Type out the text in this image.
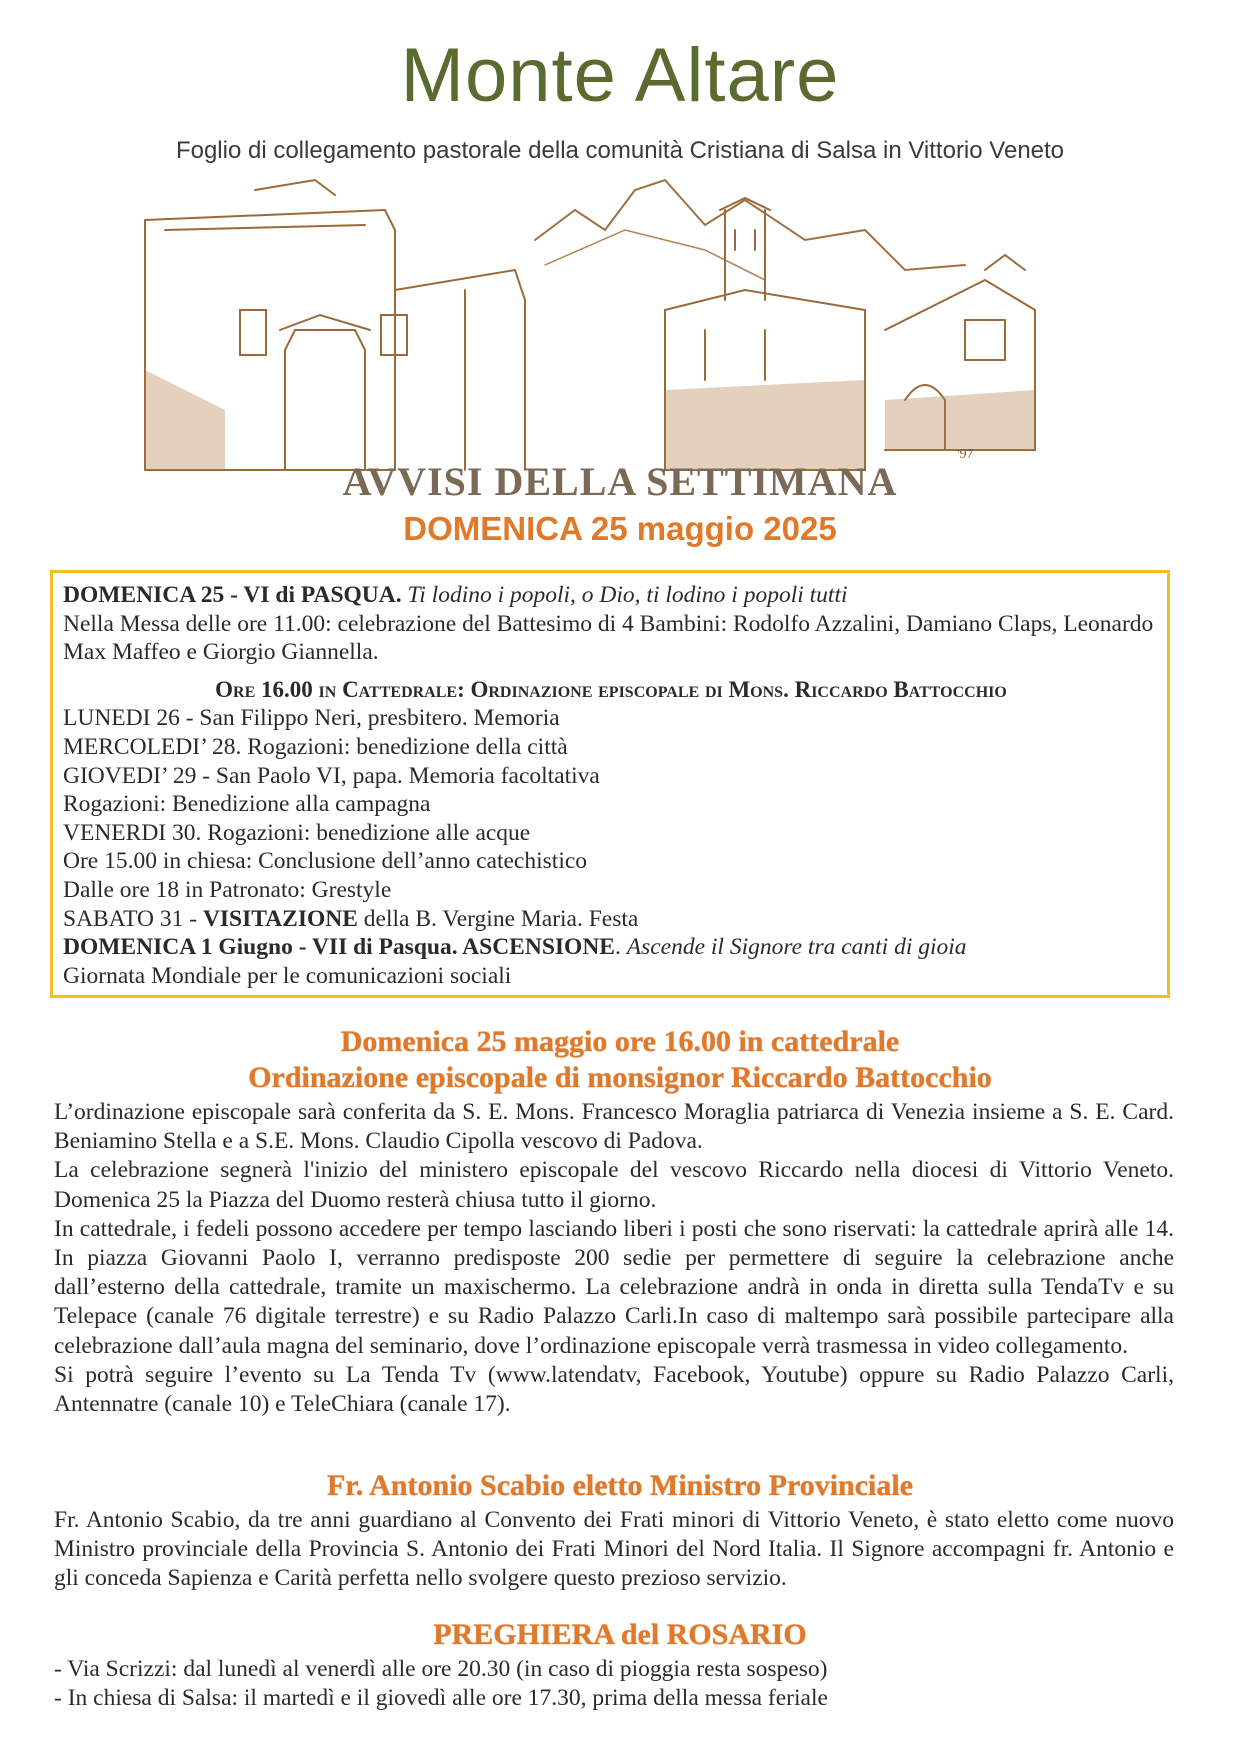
Monte Altare
Foglio di collegamento pastorale della comunità Cristiana di Salsa in Vittorio Veneto
'97
AVVISI DELLA SETTIMANA
DOMENICA 25 maggio 2025

DOMENICA 25 - VI di PASQUA. Ti lodino i popoli, o Dio, ti lodino i popoli tutti

Nella Messa delle ore 11.00: celebrazione del Battesimo di 4 Bambini: Rodolfo Azzalini, Damiano Claps, Leonardo Max Maffeo e Giorgio Giannella.

Ore 16.00 in Cattedrale: Ordinazione episcopale di Mons. Riccardo Battocchio

LUNEDI 26 - San Filippo Neri, presbitero. Memoria

MERCOLEDI’ 28. Rogazioni: benedizione della città

GIOVEDI’ 29 - San Paolo VI, papa. Memoria facoltativa

Rogazioni: Benedizione alla campagna

VENERDI 30. Rogazioni: benedizione alle acque

Ore 15.00 in chiesa: Conclusione dell’anno catechistico

Dalle ore 18 in Patronato: Grestyle

SABATO 31 - VISITAZIONE della B. Vergine Maria. Festa

DOMENICA 1 Giugno - VII di Pasqua. ASCENSIONE. Ascende il Signore tra canti di gioia

Giornata Mondiale per le comunicazioni sociali

Domenica 25 maggio ore 16.00 in cattedrale
Ordinazione episcopale di monsignor Riccardo Battocchio

L’ordinazione episcopale sarà conferita da S. E. Mons. Francesco Moraglia patriarca di Venezia insieme a S. E. Card. Beniamino Stella e a S.E. Mons. Claudio Cipolla vescovo di Padova.

La celebrazione segnerà l'inizio del ministero episcopale del vescovo Riccardo nella diocesi di Vittorio Veneto. Domenica 25 la Piazza del Duomo resterà chiusa tutto il giorno.

In cattedrale, i fedeli possono accedere per tempo lasciando liberi i posti che sono riservati: la cattedrale aprirà alle 14. In piazza Giovanni Paolo I, verranno predisposte 200 sedie per permettere di seguire la celebrazione anche dall’esterno della cattedrale, tramite un maxischermo. La celebrazione andrà in onda in diretta sulla TendaTv e su Telepace (canale 76 digitale terrestre) e su Radio Palazzo Carli.In caso di maltempo sarà possibile partecipare alla celebrazione dall’aula magna del seminario, dove l’ordinazione episcopale verrà trasmessa in video collegamento.

Si potrà seguire l’evento su La Tenda Tv (www.latendatv, Facebook, Youtube) oppure su Radio Palazzo Carli, Antennatre (canale 10) e TeleChiara (canale 17).

Fr. Antonio Scabio eletto Ministro Provinciale

Fr. Antonio Scabio, da tre anni guardiano al Convento dei Frati minori di Vittorio Veneto, è stato eletto come nuovo Ministro provinciale della Provincia S. Antonio dei Frati Minori del Nord Italia. Il Signore accompagni fr. Antonio e gli conceda Sapienza e Carità perfetta nello svolgere questo prezioso servizio.

PREGHIERA del ROSARIO
- Via Scrizzi: dal lunedì al venerdì alle ore 20.30 (in caso di pioggia resta sospeso)
- In chiesa di Salsa: il martedì e il giovedì alle ore 17.30, prima della messa feriale
